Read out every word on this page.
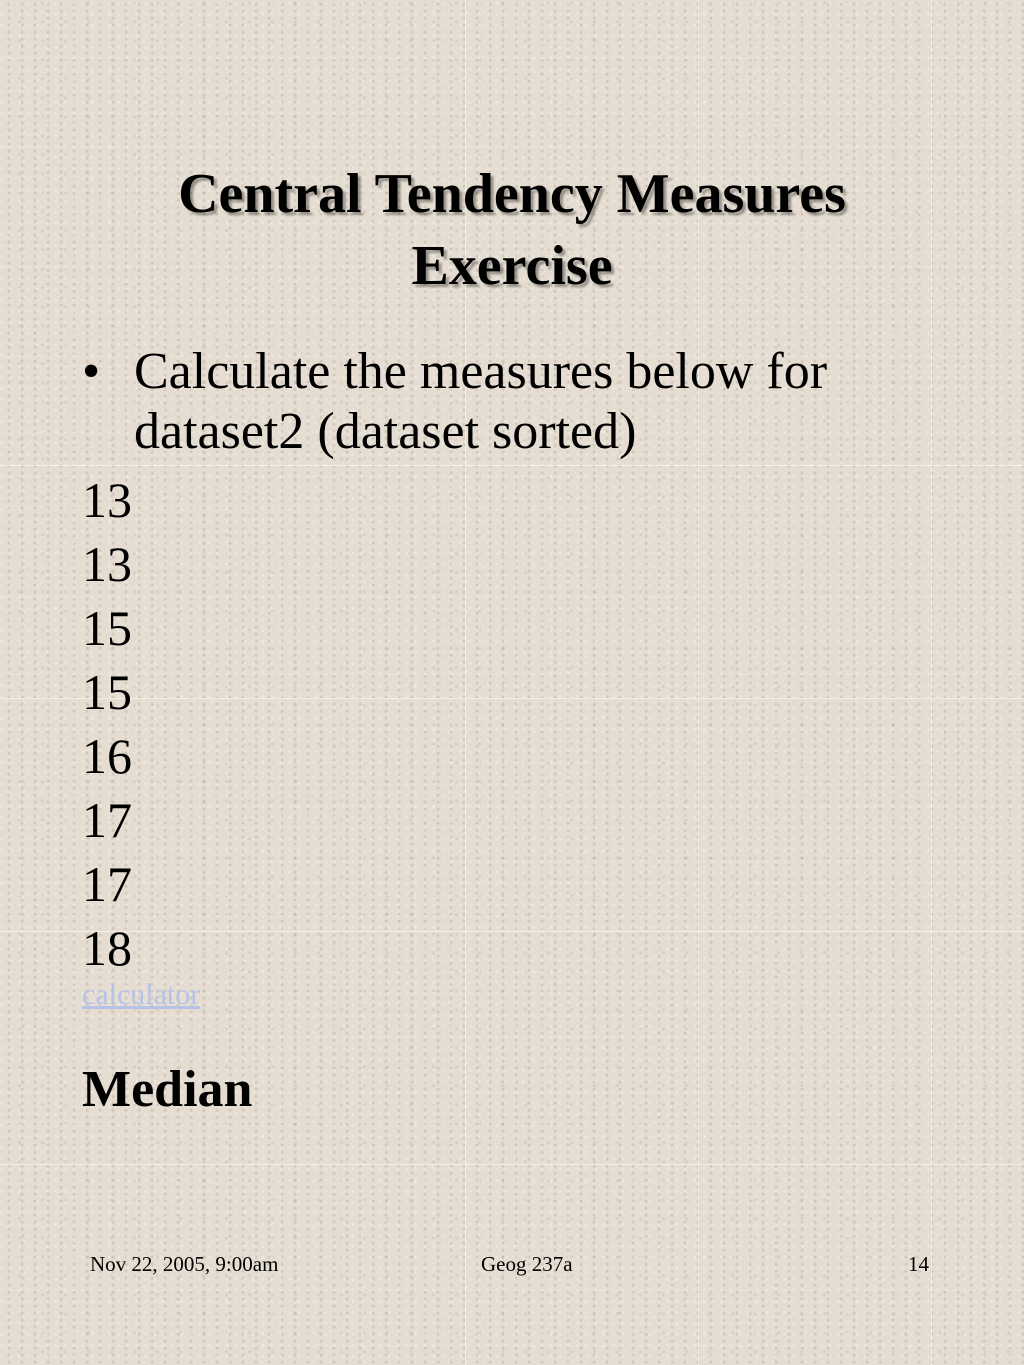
Central Tendency Measures
Exercise
• Calculate the measures below for dataset2 (dataset sorted)
13
13
15
15
16
17
17
18
calculator
Median
Nov 22, 2005, 9:00am	Geog 237a	14
